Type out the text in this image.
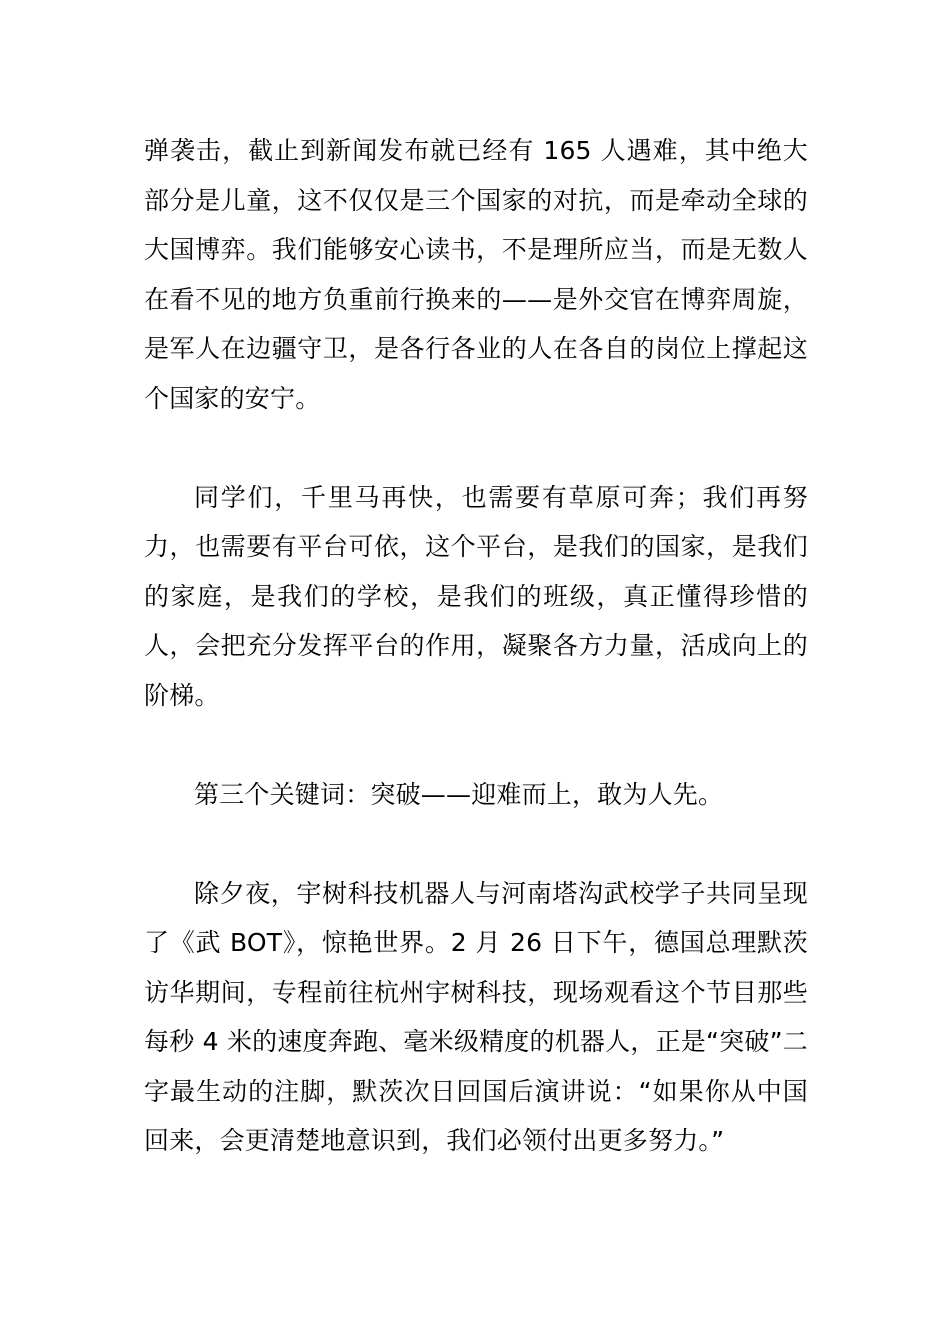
弹袭击，截止到新闻发布就已经有 165 人遇难，其中绝大部分是儿童，这不仅仅是三个国家的对抗，而是牵动全球的大国博弈。我们能够安心读书，不是理所应当，而是无数人在看不见的地方负重前行换来的——是外交官在博弈周旋，是军人在边疆守卫，是各行各业的人在各自的岗位上撑起这个国家的安宁。

同学们，千里马再快，也需要有草原可奔；我们再努力，也需要有平台可依，这个平台，是我们的国家，是我们的家庭，是我们的学校，是我们的班级，真正懂得珍惜的人，会把充分发挥平台的作用，凝聚各方力量，活成向上的阶梯。

第三个关键词：突破——迎难而上，敢为人先。

除夕夜，宇树科技机器人与河南塔沟武校学子共同呈现了《武 BOT》，惊艳世界。2 月 26 日下午，德国总理默茨访华期间，专程前往杭州宇树科技，现场观看这个节目那些每秒 4 米的速度奔跑、毫米级精度的机器人，正是“突破”二字最生动的注脚，默茨次日回国后演讲说：“如果你从中国回来，会更清楚地意识到，我们必领付出更多努力。”
